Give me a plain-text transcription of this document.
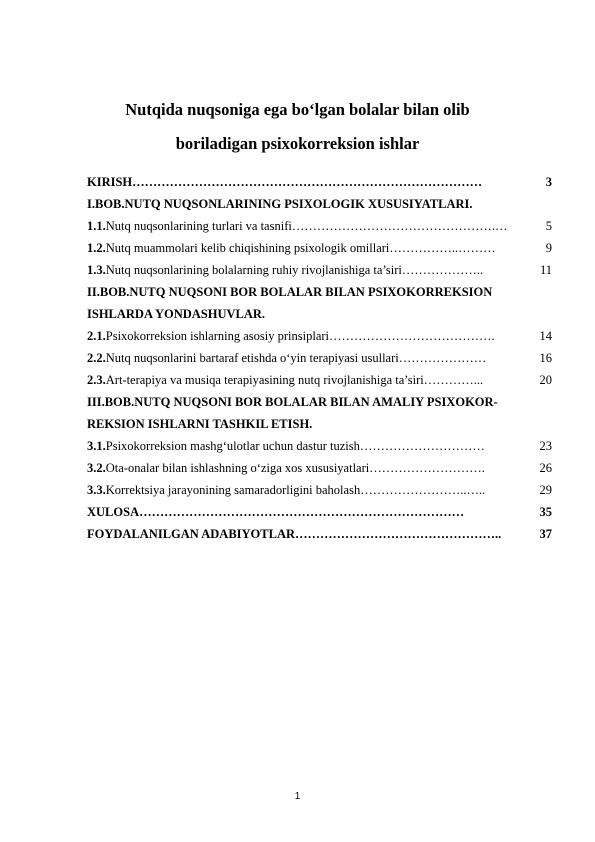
Nutqida nuqsoniga ega bo‘lgan bolalar bilan olib
boriladigan psixokorreksion ishlar
KIRISH …………………………………………………………………………	3
I.BOB.NUTQ NUQSONLARINING PSIXOLOGIK XUSUSIYATLARI.
1.1. Nutq nuqsonlarining turlari va tasnifi ………………………………………….…	5
1.2. Nutq muammolari kelib chiqishining psixologik omillari ……………..………	9
1.3. Nutq nuqsonlarining bolalarning ruhiy rivojlanishiga ta’siri ………………..	11
II.BOB.NUTQ NUQSONI BOR BOLALAR BILAN PSIXOKORREKSION
ISHLARDA YONDASHUVLAR.
2.1. Psixokorreksion ishlarning asosiy prinsiplari ………………………………….	14
2.2. Nutq nuqsonlarini bartaraf etishda o‘yin terapiyasi usullari …………………	16
2.3. Art-terapiya va musiqa terapiyasining nutq rivojlanishiga ta’siri …………...	20
III.BOB.NUTQ NUQSONI BOR BOLALAR BILAN AMALIY PSIXOKOR-
REKSION ISHLARNI TASHKIL ETISH.
3.1. Psixokorreksion mashg‘ulotlar uchun dastur tuzish …………………………	23
3.2. Ota-onalar bilan ishlashning o‘ziga xos xususiyatlari ……………………….	26
3.3. Korrektsiya jarayonining samaradorligini baholash ……………………..…..	29
XULOSA ……………………………………………………………………	35
FOYDALANILGAN ADABIYOTLAR …………………………………………..	37
1
